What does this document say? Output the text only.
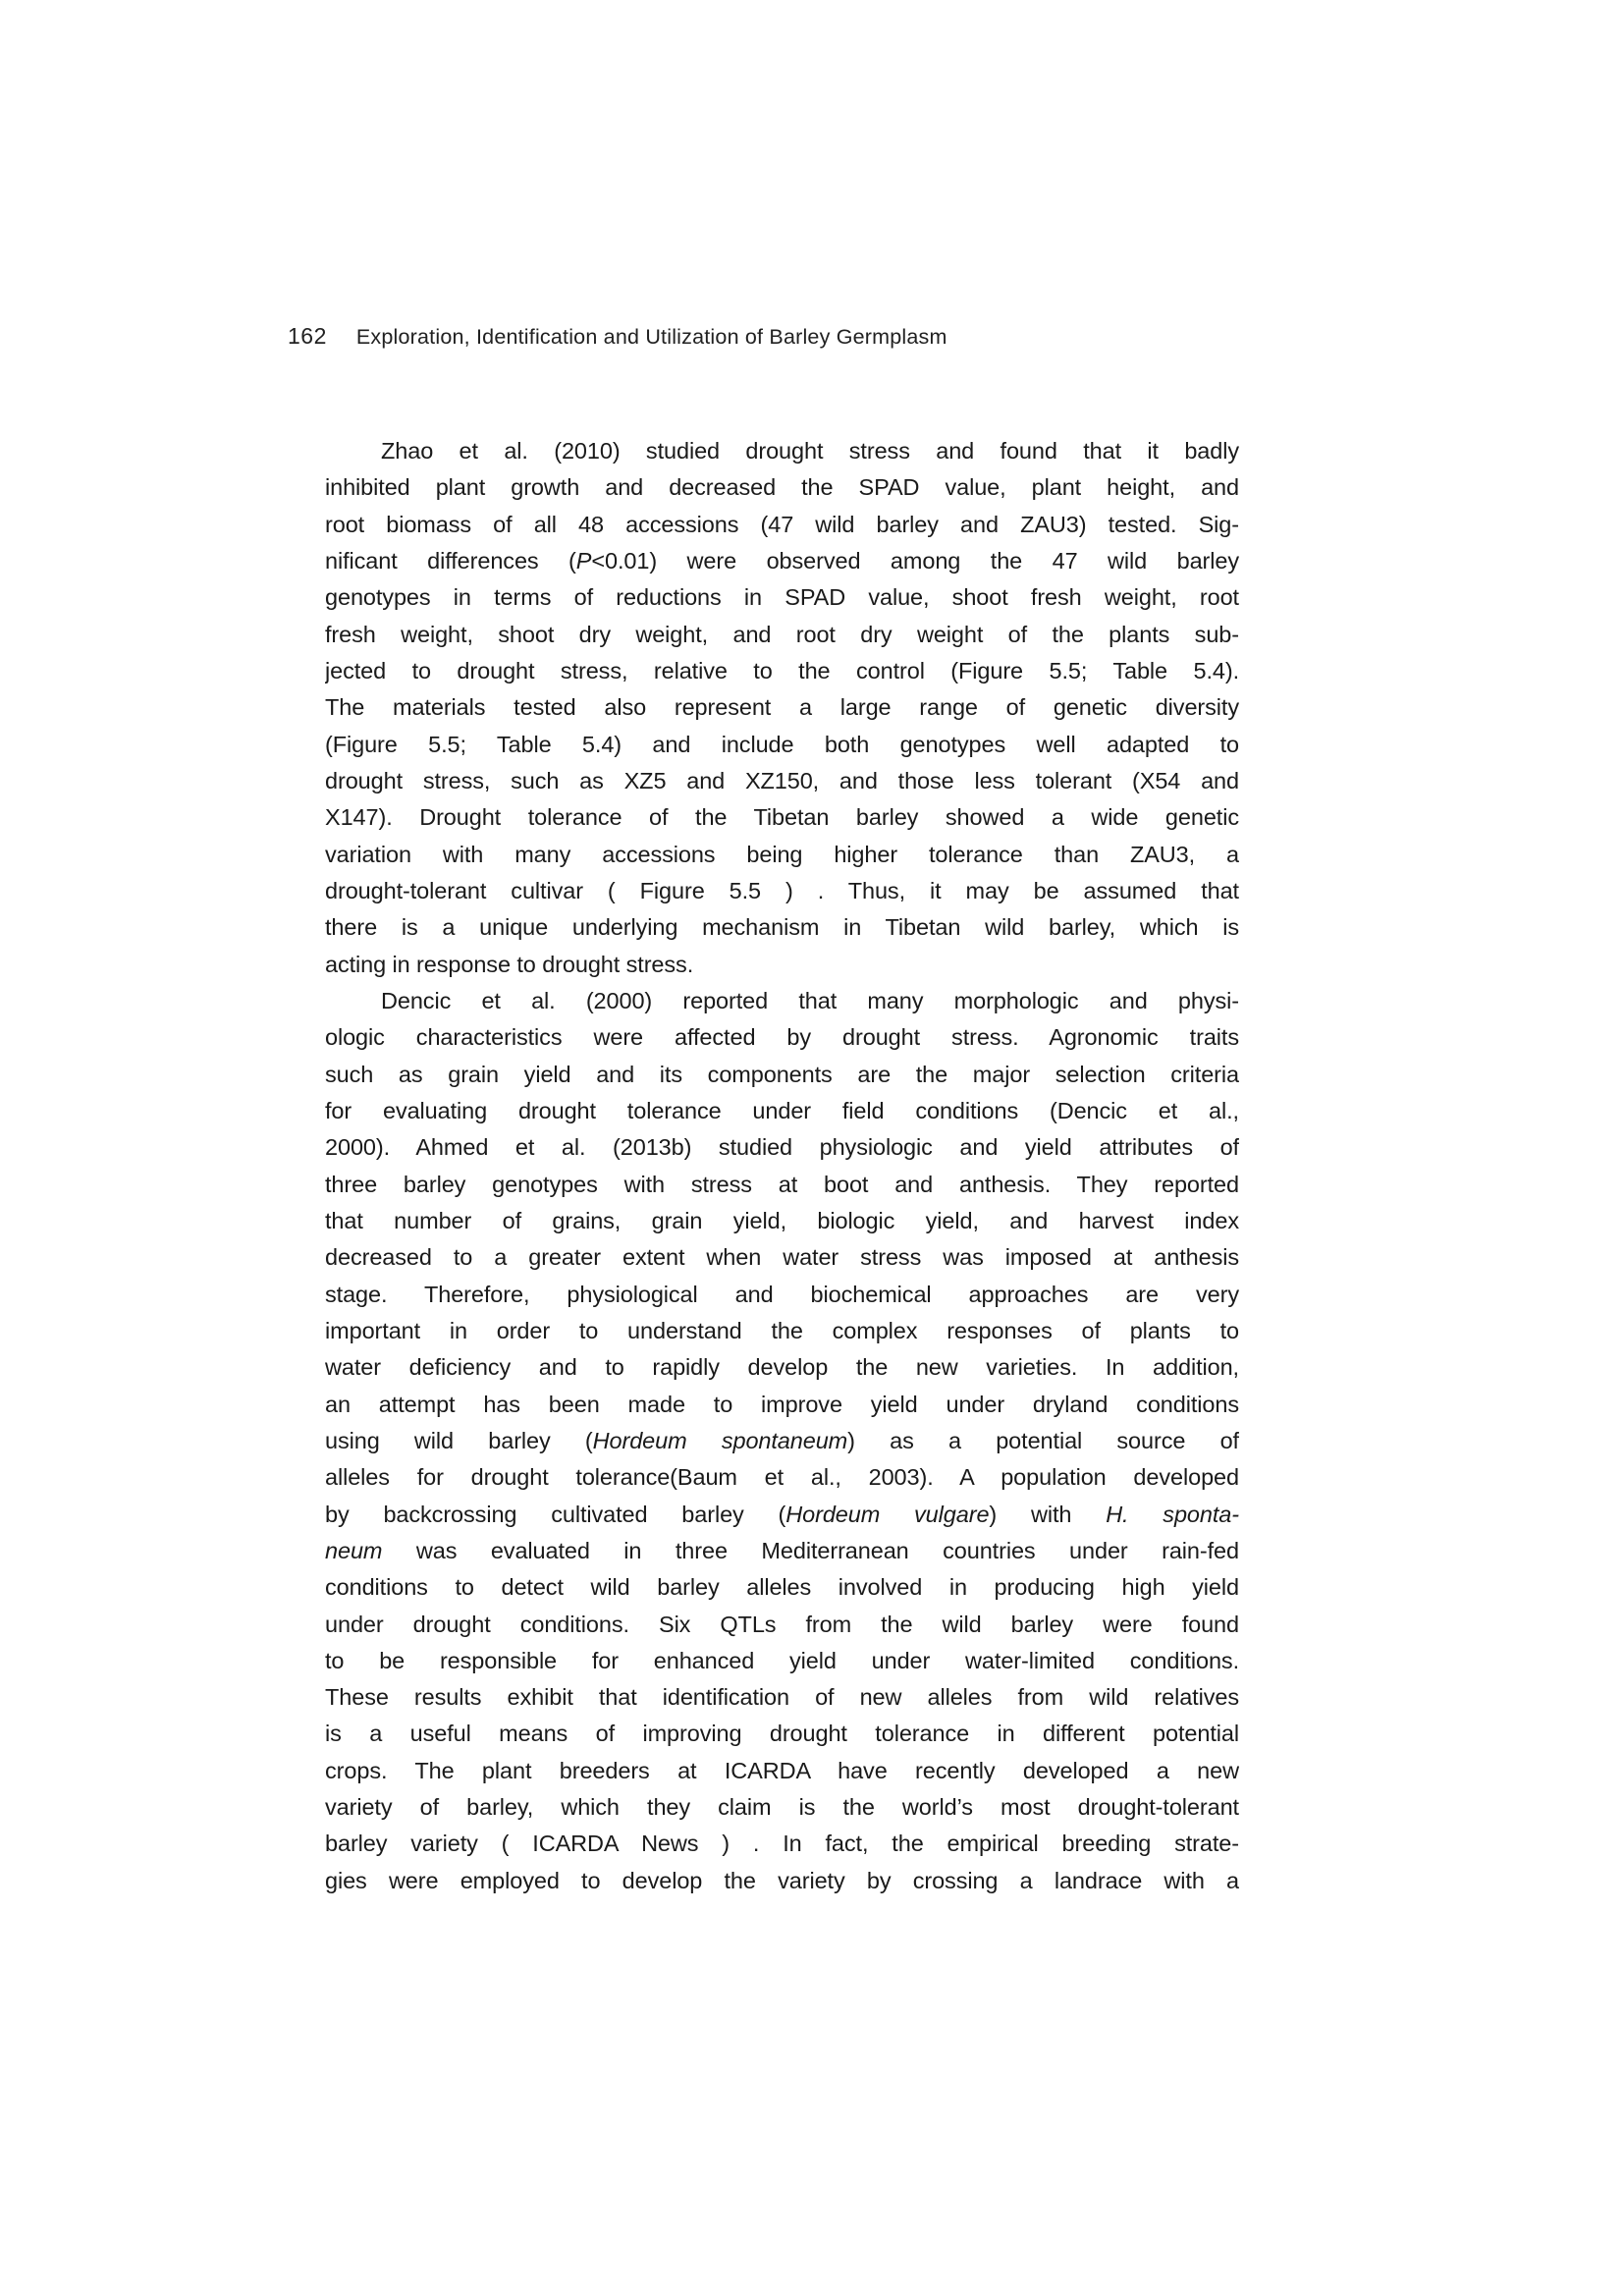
162 Exploration, Identification and Utilization of Barley Germplasm
Zhao et al. (2010) studied drought stress and found that it badly
inhibited plant growth and decreased the SPAD value, plant height, and
root biomass of all 48 accessions (47 wild barley and ZAU3) tested. Sig-
nificant differences (P<0.01) were observed among the 47 wild barley
genotypes in terms of reductions in SPAD value, shoot fresh weight, root
fresh weight, shoot dry weight, and root dry weight of the plants sub-
jected to drought stress, relative to the control (Figure 5.5; Table 5.4).
The materials tested also represent a large range of genetic diversity
(Figure 5.5; Table 5.4) and include both genotypes well adapted to
drought stress, such as XZ5 and XZ150, and those less tolerant (X54 and
X147). Drought tolerance of the Tibetan barley showed a wide genetic
variation with many accessions being higher tolerance than ZAU3, a
drought-tolerant cultivar ( Figure 5.5 ) . Thus, it may be assumed that
there is a unique underlying mechanism in Tibetan wild barley, which is
acting in response to drought stress.
Dencic et al. (2000) reported that many morphologic and physi-
ologic characteristics were affected by drought stress. Agronomic traits
such as grain yield and its components are the major selection criteria
for evaluating drought tolerance under field conditions (Dencic et al.,
2000). Ahmed et al. (2013b) studied physiologic and yield attributes of
three barley genotypes with stress at boot and anthesis. They reported
that number of grains, grain yield, biologic yield, and harvest index
decreased to a greater extent when water stress was imposed at anthesis
stage. Therefore, physiological and biochemical approaches are very
important in order to understand the complex responses of plants to
water deficiency and to rapidly develop the new varieties. In addition,
an attempt has been made to improve yield under dryland conditions
using wild barley (Hordeum spontaneum) as a potential source of
alleles for drought tolerance(Baum et al., 2003). A population developed
by backcrossing cultivated barley (Hordeum vulgare) with H. sponta-
neum was evaluated in three Mediterranean countries under rain-fed
conditions to detect wild barley alleles involved in producing high yield
under drought conditions. Six QTLs from the wild barley were found
to be responsible for enhanced yield under water-limited conditions.
These results exhibit that identification of new alleles from wild relatives
is a useful means of improving drought tolerance in different potential
crops. The plant breeders at ICARDA have recently developed a new
variety of barley, which they claim is the world’s most drought-tolerant
barley variety ( ICARDA News ) . In fact, the empirical breeding strate-
gies were employed to develop the variety by crossing a landrace with a
